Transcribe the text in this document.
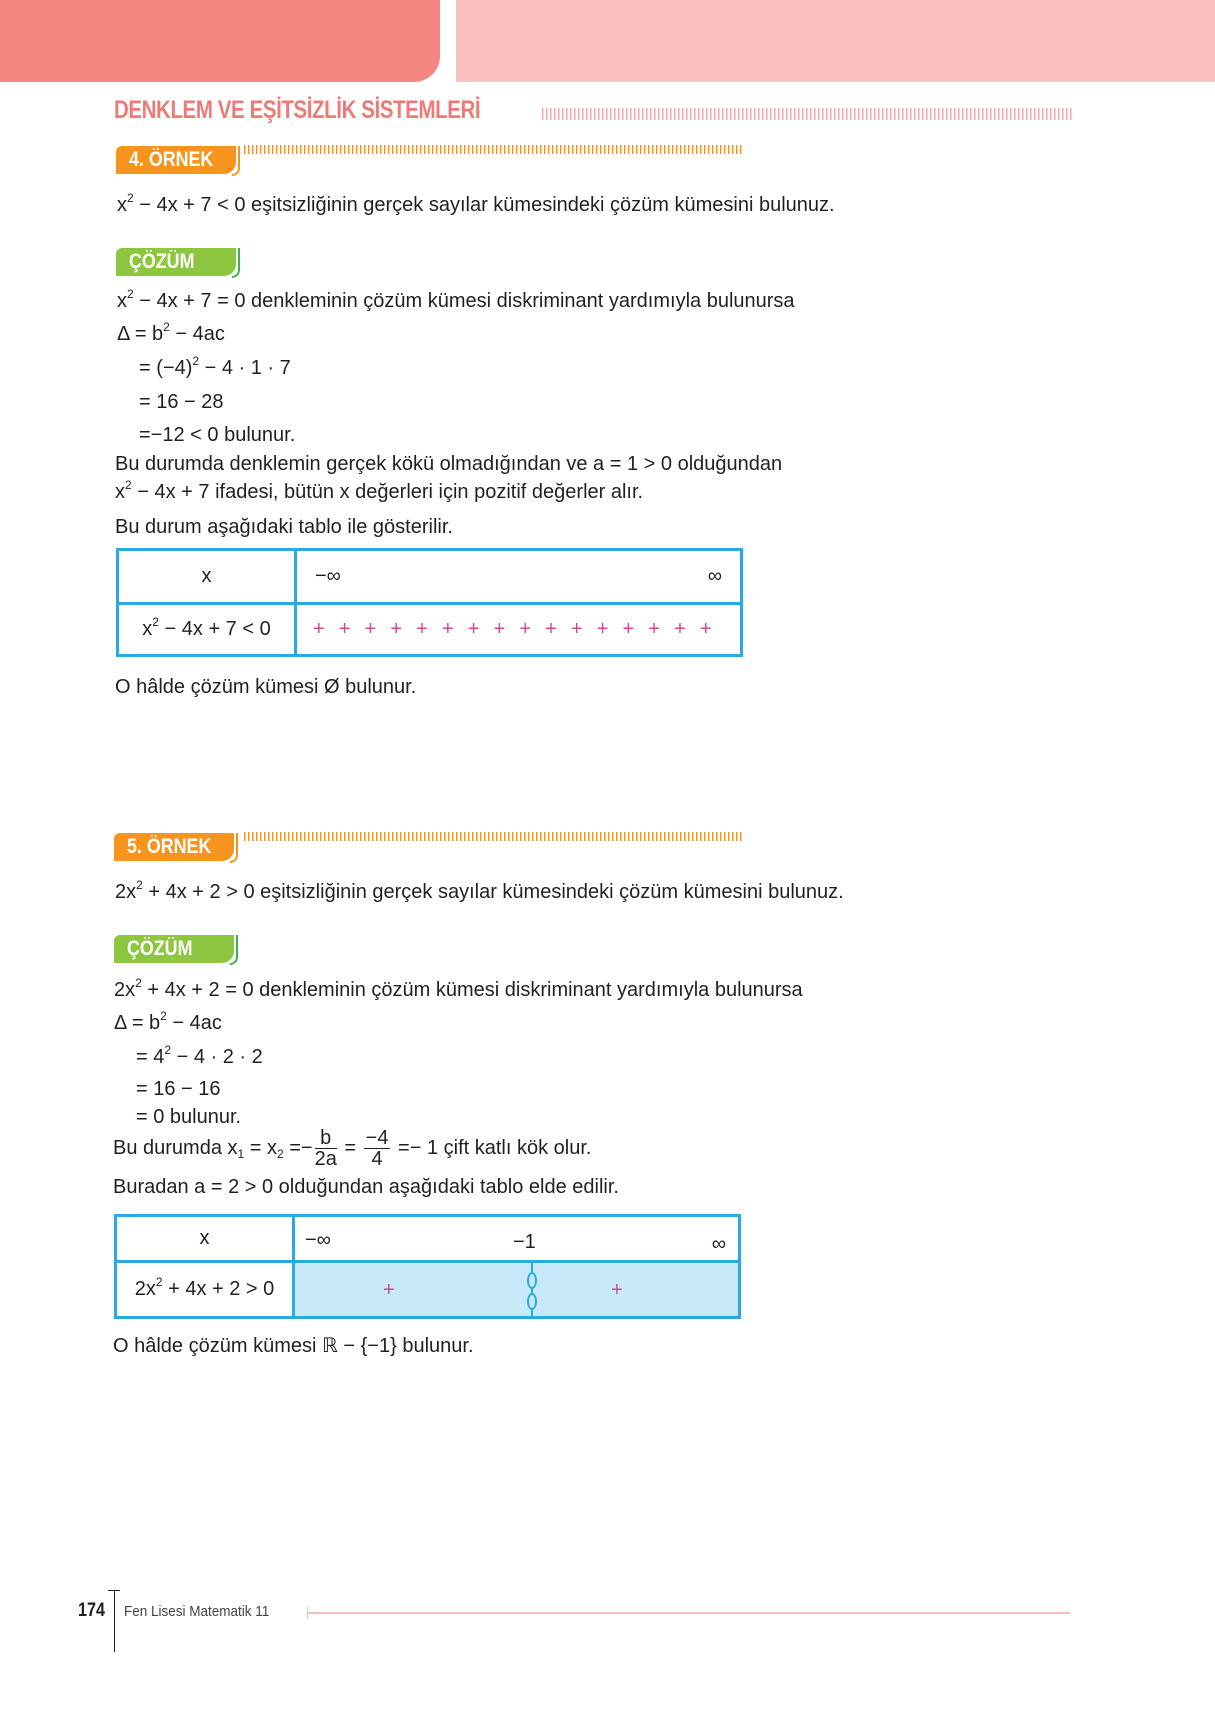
DENKLEM VE EŞİTSİZLİK SİSTEMLERİ
4. ÖRNEK
$x^2 - 4x + 7 < 0$ eşitsizliğinin gerçek sayılar kümesindeki çözüm kümesini bulunuz.
ÇÖZÜM
$x^2 - 4x + 7 = 0$ denkleminin çözüm kümesi diskriminant yardımıyla bulunursa
$\Delta = b^2 - 4ac$
= $(-4)^2 - 4 \cdot 1 \cdot 7$
= 16 − 28
=−12 < 0 bulunur.
Bu durumda denklemin gerçek kökü olmadığından ve a = 1 > 0 olduğundan
$x^2 - 4x + 7$ ifadesi, bütün x değerleri için pozitif değerler alır.
Bu durum aşağıdaki tablo ile gösterilir.
x	−∞ ∞

$x^2 - 4x + 7 < 0$	+  +  +  +  +  +  +  +  +  +  +  +  +  +  +  +
O hâlde çözüm kümesi Ø bulunur.
5. ÖRNEK
$2x^2 + 4x + 2 > 0$ eşitsizliğinin gerçek sayılar kümesindeki çözüm kümesini bulunuz.
ÇÖZÜM
$2x^2 + 4x + 2 = 0$ denkleminin çözüm kümesi diskriminant yardımıyla bulunursa
$\Delta = b^2 - 4ac$
= $4^2 - 4 \cdot 2 \cdot 2$
= 16 − 16
= 0 bulunur.
Bu durumda $x_1 = x_2 =- \frac{b}{2a} = \frac{-4}{4} =- 1$ çift katlı kök olur.
Buradan a = 2 > 0 olduğundan aşağıdaki tablo elde edilir.
x	−∞ −1 ∞

$2x^2 + 4x + 2 > 0$	+ +
O hâlde çözüm kümesi ℝ − {−1} bulunur.
174 Fen Lisesi Matematik 11
